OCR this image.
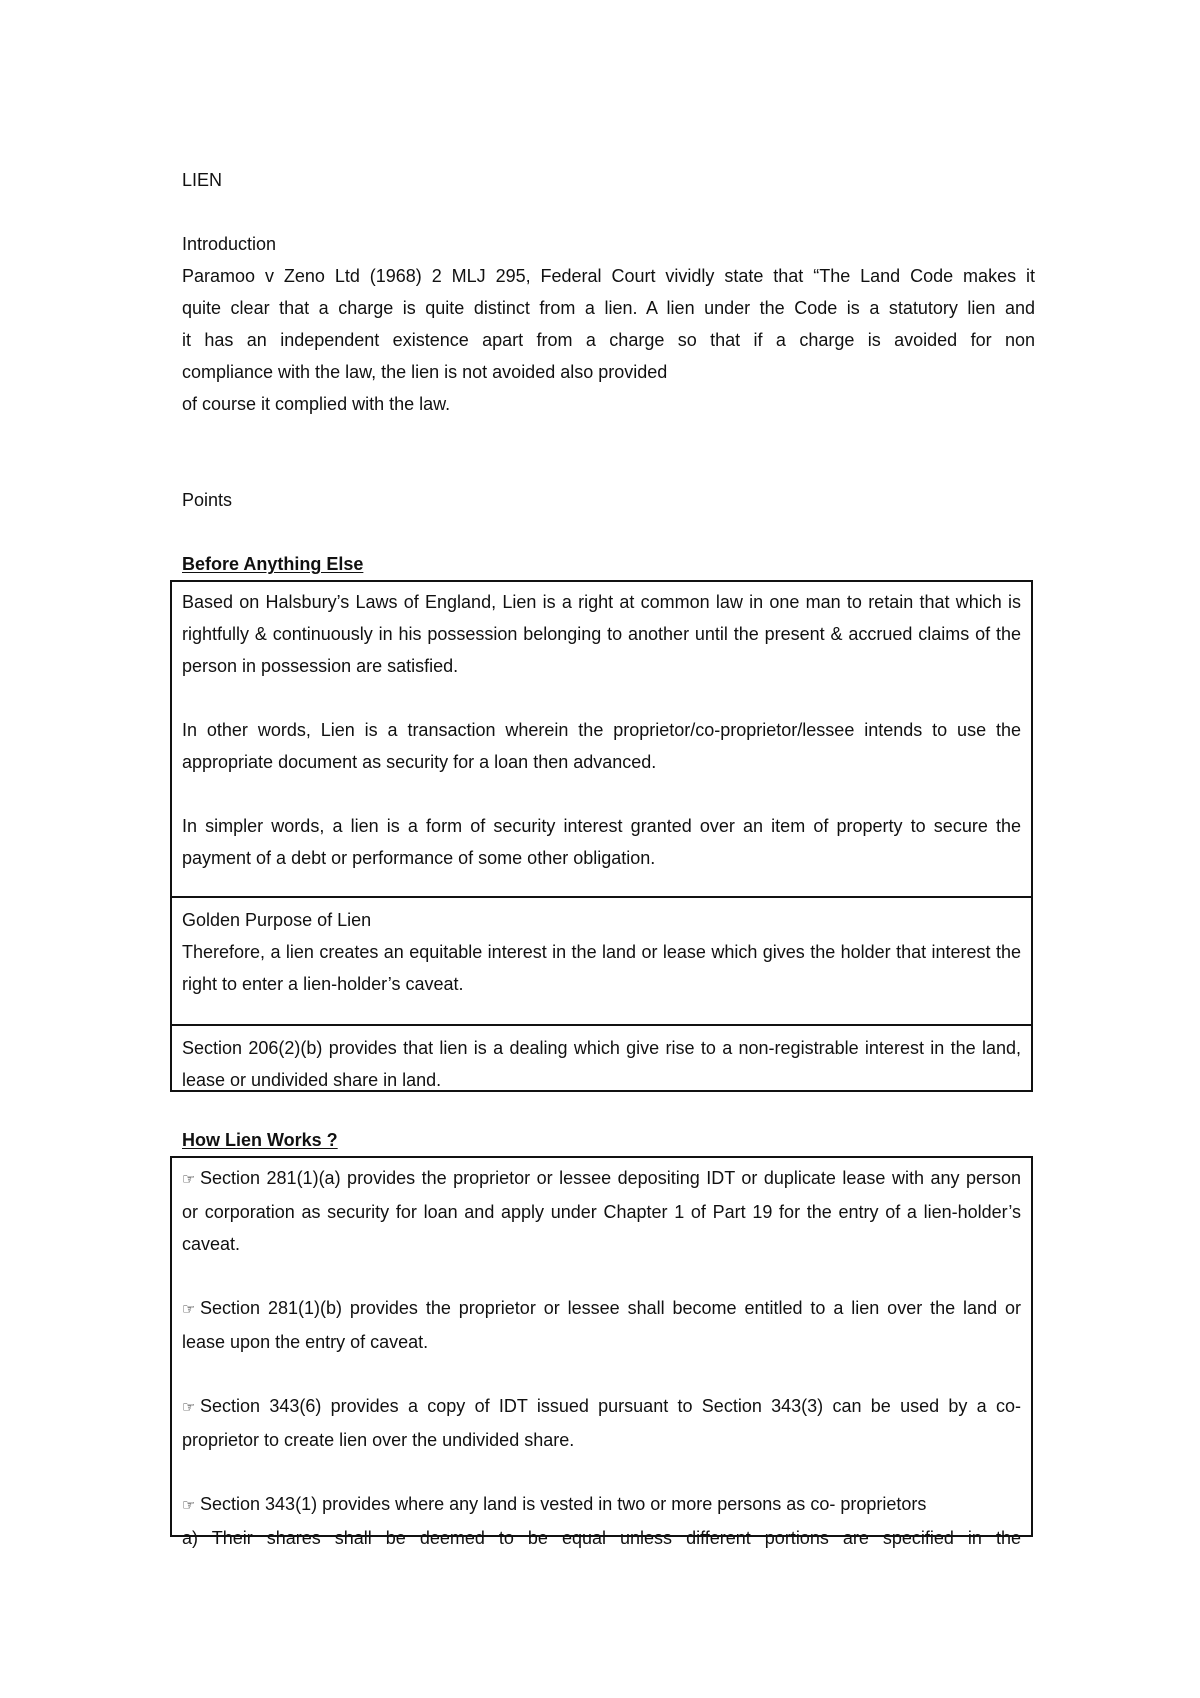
LIEN
Introduction
Paramoo v Zeno Ltd (1968) 2 MLJ 295, Federal Court vividly state that “The Land Code makes it
quite clear that a charge is quite distinct from a lien. A lien under the Code is a statutory lien and
it has an independent existence apart from a charge so that if a charge is avoided for non
compliance with the law, the lien is not avoided also provided
of course it complied with the law.
Points
Before Anything Else
Based on Halsbury’s Laws of England, Lien is a right at common law in one man to retain that which is rightfully & continuously in his possession belonging to another until the present & accrued claims of the person in possession are satisfied.
In other words, Lien is a transaction wherein the proprietor/co-proprietor/lessee intends to use the appropriate document as security for a loan then advanced.
In simpler words, a lien is a form of security interest granted over an item of property to secure the payment of a debt or performance of some other obligation.
Golden Purpose of Lien
Therefore, a lien creates an equitable interest in the land or lease which gives the holder that interest the right to enter a lien-holder’s caveat.
Section 206(2)(b) provides that lien is a dealing which give rise to a non-registrable interest in the land, lease or undivided share in land.
How Lien Works ?
☞ Section 281(1)(a) provides the proprietor or lessee depositing IDT or duplicate lease with any person or corporation as security for loan and apply under Chapter 1 of Part 19 for the entry of a lien-holder’s caveat.
☞ Section 281(1)(b) provides the proprietor or lessee shall become entitled to a lien over the land or lease upon the entry of caveat.
☞ Section 343(6) provides a copy of IDT issued pursuant to Section 343(3) can be used by a co-proprietor to create lien over the undivided share.
☞ Section 343(1) provides where any land is vested in two or more persons as co- proprietors
a) Their shares shall be deemed to be equal unless different portions are specified in the
